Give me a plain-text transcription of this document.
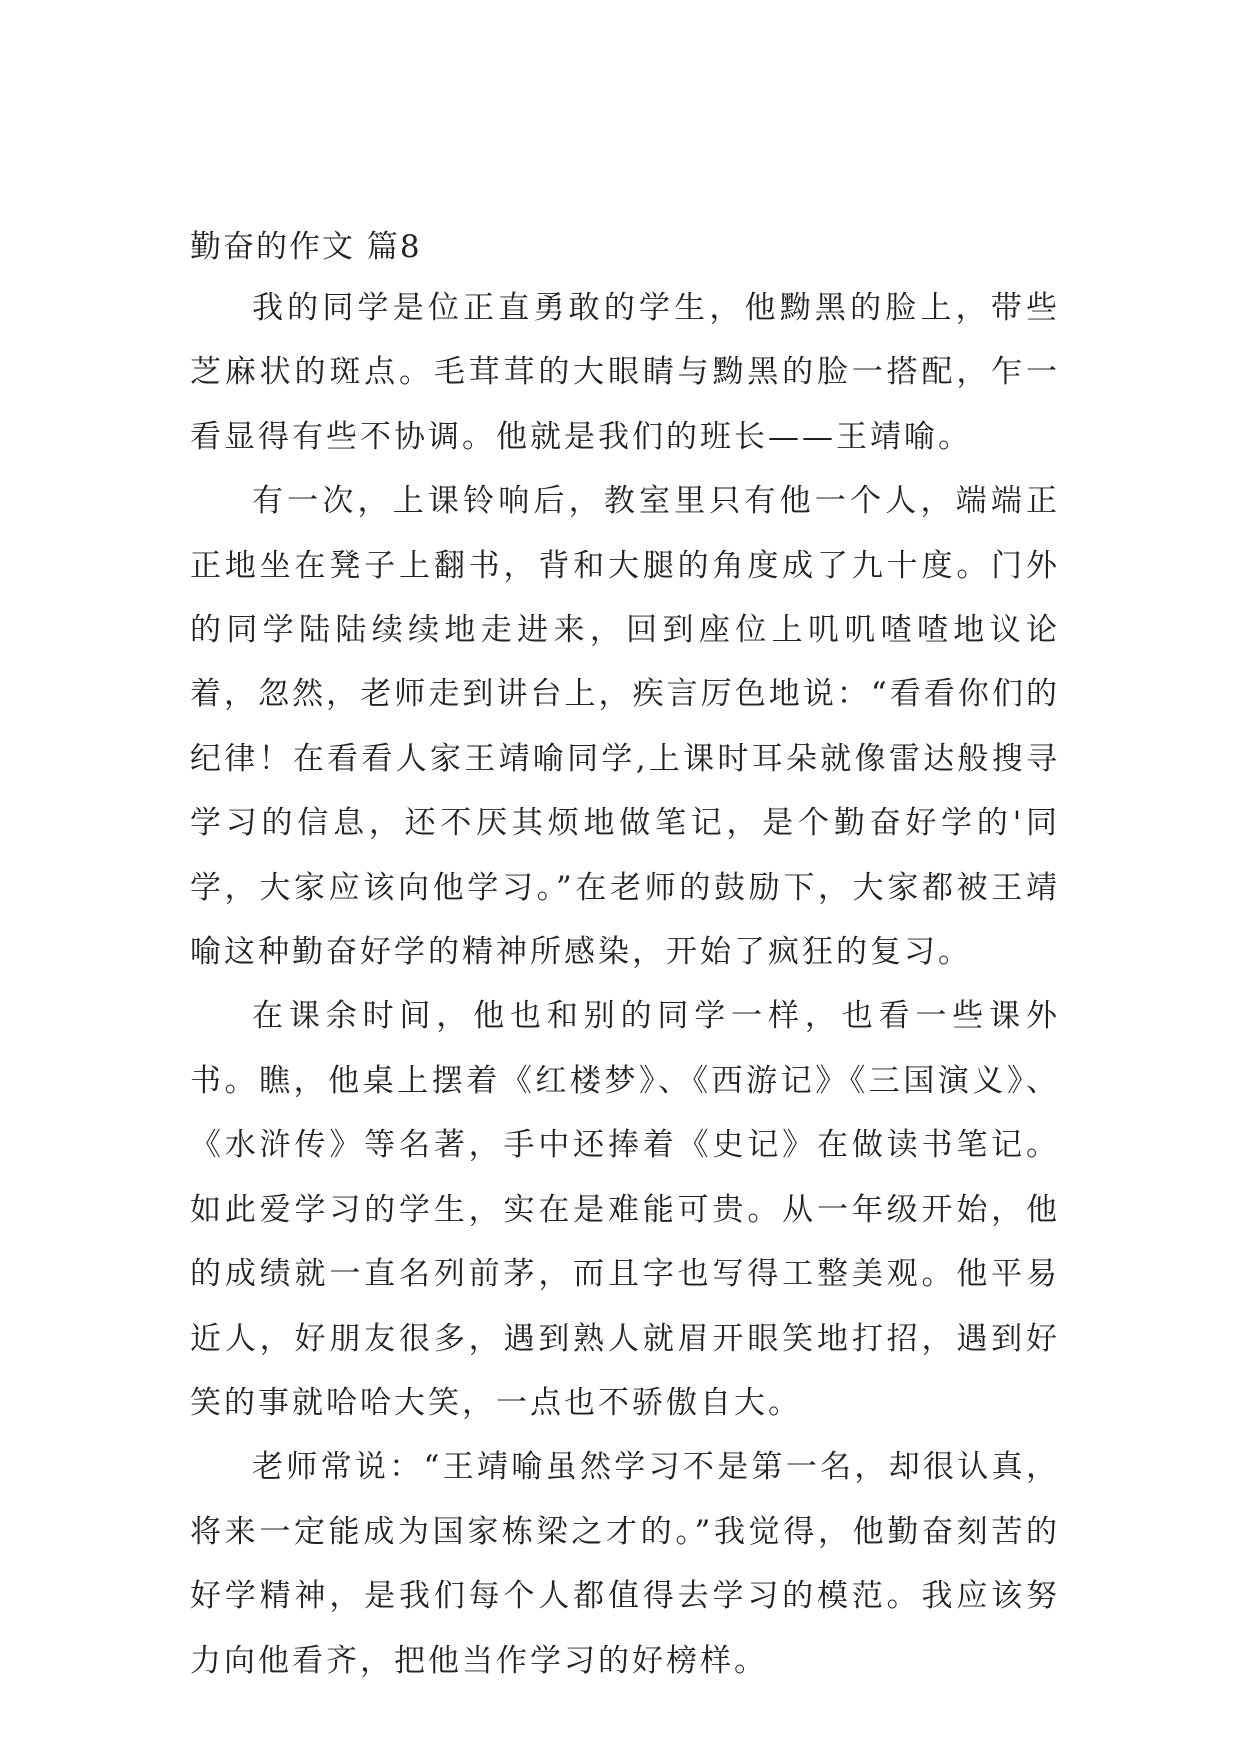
勤奋的作文 篇8

我的同学是位正直勇敢的学生，他黝黑的脸上，带些芝麻状的斑点。毛茸茸的大眼睛与黝黑的脸一搭配，乍一看显得有些不协调。他就是我们的班长——王靖喻。

有一次，上课铃响后，教室里只有他一个人，端端正正地坐在凳子上翻书，背和大腿的角度成了九十度。门外的同学陆陆续续地走进来，回到座位上叽叽喳喳地议论着，忽然，老师走到讲台上，疾言厉色地说：“看看你们的纪律！在看看人家王靖喻同学,上课时耳朵就像雷达般搜寻学习的信息，还不厌其烦地做笔记，是个勤奋好学的'同学，大家应该向他学习。”在老师的鼓励下，大家都被王靖喻这种勤奋好学的精神所感染，开始了疯狂的复习。

在课余时间，他也和别的同学一样，也看一些课外书。瞧，他桌上摆着《红楼梦》、《西游记》《三国演义》、《水浒传》等名著，手中还捧着《史记》在做读书笔记。如此爱学习的学生，实在是难能可贵。从一年级开始，他的成绩就一直名列前茅，而且字也写得工整美观。他平易近人，好朋友很多，遇到熟人就眉开眼笑地打招，遇到好笑的事就哈哈大笑，一点也不骄傲自大。

老师常说：“王靖喻虽然学习不是第一名，却很认真，将来一定能成为国家栋梁之才的。”我觉得，他勤奋刻苦的好学精神，是我们每个人都值得去学习的模范。我应该努力向他看齐，把他当作学习的好榜样。
